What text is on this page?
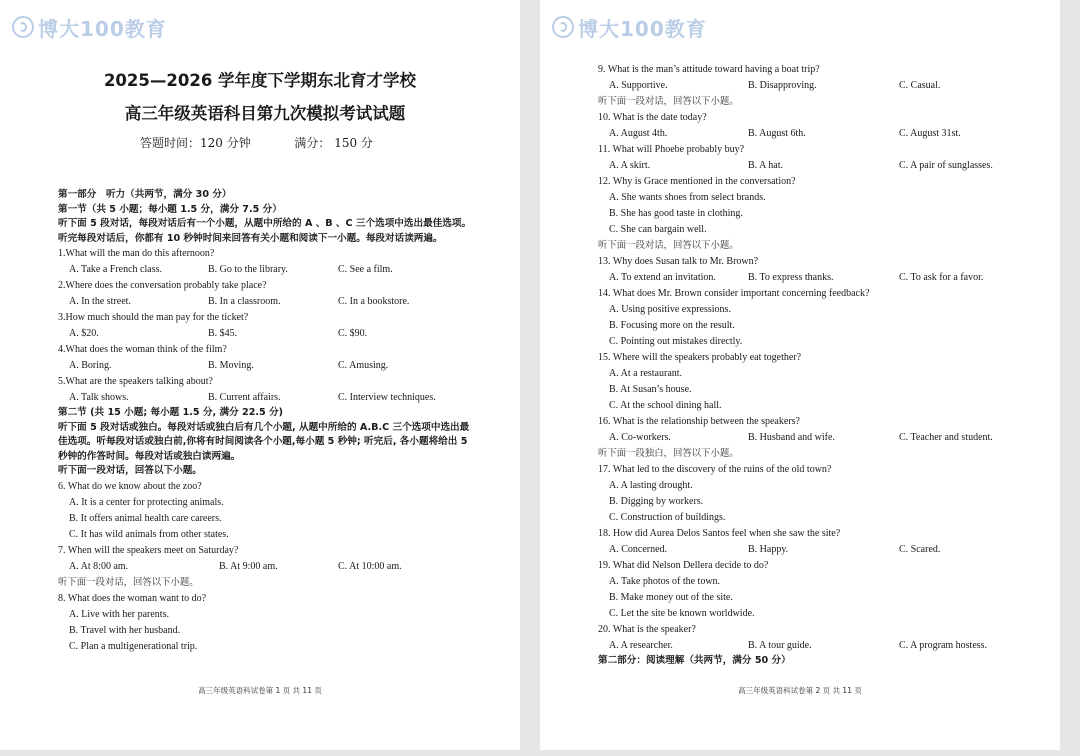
博大100教育
2025—2026 学年度下学期东北育才学校
高三年级英语科目第九次模拟考试试题
答题时间：120 分钟	满分： 150 分
第一部分　听力（共两节，满分 30 分）
第一节（共 5 小题；每小题 1.5 分，满分 7.5 分）
听下面 5 段对话，每段对话后有一个小题，从题中所给的 A 、B 、C 三个选项中选出最佳选项。听完每段对话后，你都有 10 秒钟时间来回答有关小题和阅读下一小题。每段对话读两遍。
1.What will the man do this afternoon?
A. Take a French class.	B. Go to the library.	C. See a film.
2.Where does the conversation probably take place?
A. In the street.	B. In a classroom.	C. In a bookstore.
3.How much should the man pay for the ticket?
A. $20.	B. $45.	C. $90.
4.What does the woman think of the film?
A. Boring.	B. Moving.	C. Amusing.
5.What are the speakers talking about?
A. Talk shows.	B. Current affairs.	C. Interview techniques.
第二节 (共 15 小题; 每小题 1.5 分, 满分 22.5 分)
听下面 5 段对话或独白。每段对话或独白后有几个小题, 从题中所给的 A.B.C 三个选项中选出最佳选项。听每段对话或独白前,你将有时间阅读各个小题,每小题 5 秒钟; 听完后, 各小题将给出 5 秒钟的作答时间。每段对话或独白读两遍。
听下面一段对话，回答以下小题。
6. What do we know about the zoo?
A. It is a center for protecting animals.
B. It offers animal health care careers.
C. It has wild animals from other states.
7. When will the speakers meet on Saturday?
A. At 8:00 am.	B. At 9:00 am.	C. At 10:00 am.
听下面一段对话，回答以下小题。
8. What does the woman want to do?
A. Live with her parents.
B. Travel with her husband.
C. Plan a multigenerational trip.
高三年级英语科试卷第 1 页 共 11 页
博大100教育
9. What is the man’s attitude toward having a boat trip?
A. Supportive.	B. Disapproving.	C. Casual.
听下面一段对话，回答以下小题。
10. What is the date today?
A. August 4th.	B. August 6th.	C. August 31st.
11. What will Phoebe probably buy?
A. A skirt.	B. A hat.	C. A pair of sunglasses.
12. Why is Grace mentioned in the conversation?
A. She wants shoes from select brands.
B. She has good taste in clothing.
C. She can bargain well.
听下面一段对话，回答以下小题。
13. Why does Susan talk to Mr. Brown?
A. To extend an invitation.	B. To express thanks.	C. To ask for a favor.
14. What does Mr. Brown consider important concerning feedback?
A. Using positive expressions.
B. Focusing more on the result.
C. Pointing out mistakes directly.
15. Where will the speakers probably eat together?
A. At a restaurant.
B. At Susan’s house.
C. At the school dining hall.
16. What is the relationship between the speakers?
A. Co-workers.	B. Husband and wife.	C. Teacher and student.
听下面一段独白，回答以下小题。
17. What led to the discovery of the ruins of the old town?
A. A lasting drought.
B. Digging by workers.
C. Construction of buildings.
18. How did Aurea Delos Santos feel when she saw the site?
A. Concerned.	B. Happy.	C. Scared.
19. What did Nelson Dellera decide to do?
A. Take photos of the town.
B. Make money out of the site.
C. Let the site be known worldwide.
20. What is the speaker?
A. A researcher.	B. A tour guide.	C. A program hostess.
第二部分：阅读理解（共两节，满分 50 分）
高三年级英语科试卷第 2 页 共 11 页
